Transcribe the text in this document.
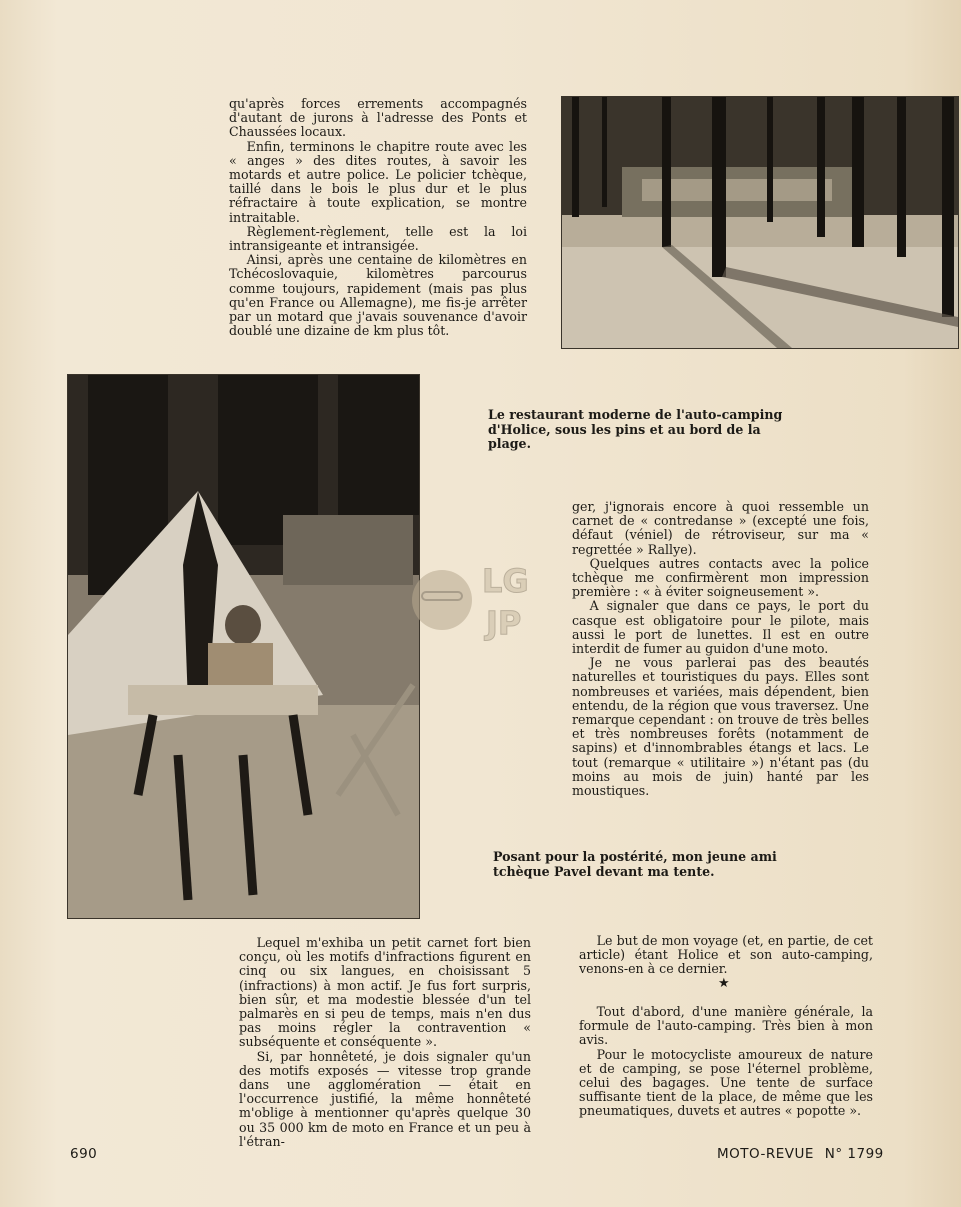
qu'après forces errements accompagnés d'autant de jurons à l'adresse des Ponts et Chaussées locaux.

Enfin, terminons le chapitre route avec les « anges » des dites routes, à savoir les motards et autre police. Le policier tchèque, taillé dans le bois le plus dur et le plus réfractaire à toute explication, se montre intraitable.

Règlement-règlement, telle est la loi intransigeante et intransigée.

Ainsi, après une centaine de kilomètres en Tchécoslovaquie, kilomètres parcourus comme toujours, rapidement (mais pas plus qu'en France ou Allemagne), me fis-je arrêter par un motard que j'avais souvenance d'avoir doublé une dizaine de km plus tôt.

Le restaurant moderne de l'auto-camping d'Holice, sous les pins et au bord de la plage.

ger, j'ignorais encore à quoi ressemble un carnet de « contredanse » (excepté une fois, défaut (véniel) de rétroviseur, sur ma « regrettée » Rallye).

Quelques autres contacts avec la police tchèque me confirmèrent mon impression première : « à éviter soigneusement ».

A signaler que dans ce pays, le port du casque est obligatoire pour le pilote, mais aussi le port de lunettes. Il est en outre interdit de fumer au guidon d'une moto.

Je ne vous parlerai pas des beautés naturelles et touristiques du pays. Elles sont nombreuses et variées, mais dépendent, bien entendu, de la région que vous traversez. Une remarque cependant : on trouve de très belles et très nombreuses forêts (notamment de sapins) et d'innombrables étangs et lacs. Le tout (remarque « utilitaire ») n'étant pas (du moins au mois de juin) hanté par les moustiques.

Posant pour la postérité, mon jeune ami tchèque Pavel devant ma tente.

Lequel m'exhiba un petit carnet fort bien conçu, où les motifs d'infractions figurent en cinq ou six langues, en choisissant 5 (infractions) à mon actif. Je fus fort surpris, bien sûr, et ma modestie blessée d'un tel palmarès en si peu de temps, mais n'en dus pas moins régler la contravention « subséquente et conséquente ».

Si, par honnêteté, je dois signaler qu'un des motifs exposés — vitesse trop grande dans une agglomération — était en l'occurrence justifié, la même honnêteté m'oblige à mentionner qu'après quelque 30 ou 35 000 km de moto en France et un peu à l'étran-

Le but de mon voyage (et, en partie, de cet article) étant Holice et son auto-camping, venons-en à ce dernier.

★

Tout d'abord, d'une manière générale, la formule de l'auto-camping. Très bien à mon avis.

Pour le motocycliste amoureux de nature et de camping, se pose l'éternel problème, celui des bagages. Une tente de surface suffisante tient de la place, de même que les pneumatiques, duvets et autres « popotte ».

LG
JP
690	MOTO-REVUE N° 1799
